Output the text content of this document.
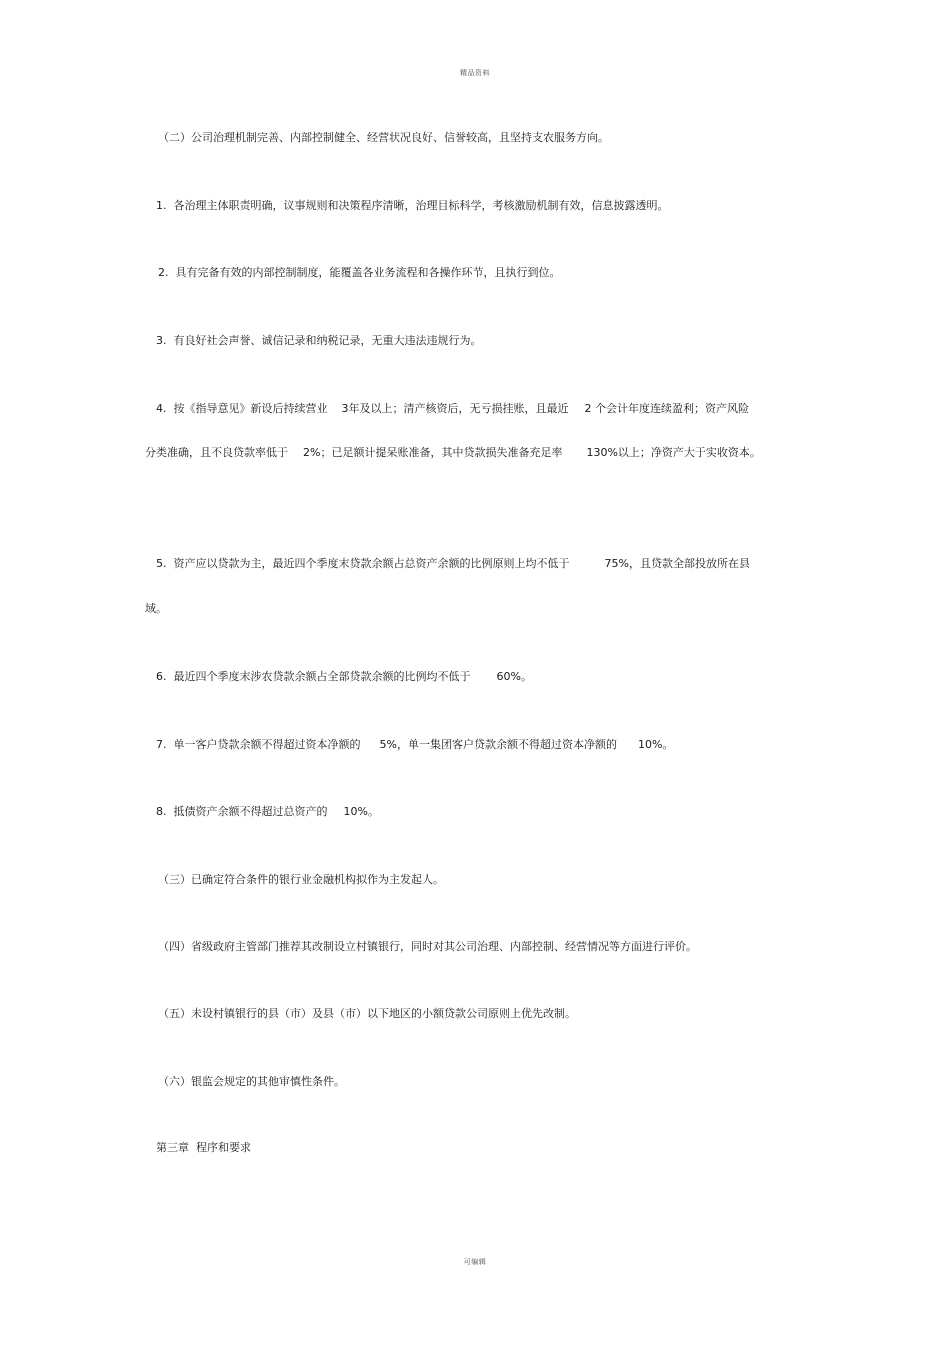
精品资料

（二）公司治理机制完善、内部控制健全、经营状况良好、信誉较高，且坚持支农服务方向。

1.  各治理主体职责明确，议事规则和决策程序清晰，治理目标科学，考核激励机制有效，信息披露透明。

2.  具有完备有效的内部控制制度，能覆盖各业务流程和各操作环节，且执行到位。

3.  有良好社会声誉、诚信记录和纳税记录，无重大违法违规行为。

4.  按《指导意见》新设后持续营业 3年及以上；清产核资后，无亏损挂账，且最近 2 个会计年度连续盈利；资产风险

分类准确，且不良贷款率低于 2%；已足额计提呆账准备，其中贷款损失准备充足率 130%以上；净资产大于实收资本。

5.  资产应以贷款为主，最近四个季度末贷款余额占总资产余额的比例原则上均不低于	75%，且贷款全部投放所在县

域。

6.  最近四个季度末涉农贷款余额占全部贷款余额的比例均不低于 60%。

7.  单一客户贷款余额不得超过资本净额的 5%，单一集团客户贷款余额不得超过资本净额的 10%。

8.  抵债资产余额不得超过总资产的 10%。

（三）已确定符合条件的银行业金融机构拟作为主发起人。

（四）省级政府主管部门推荐其改制设立村镇银行，同时对其公司治理、内部控制、经营情况等方面进行评价。

（五）未设村镇银行的县（市）及县（市）以下地区的小额贷款公司原则上优先改制。

（六）银监会规定的其他审慎性条件。

第三章  程序和要求

可编辑
